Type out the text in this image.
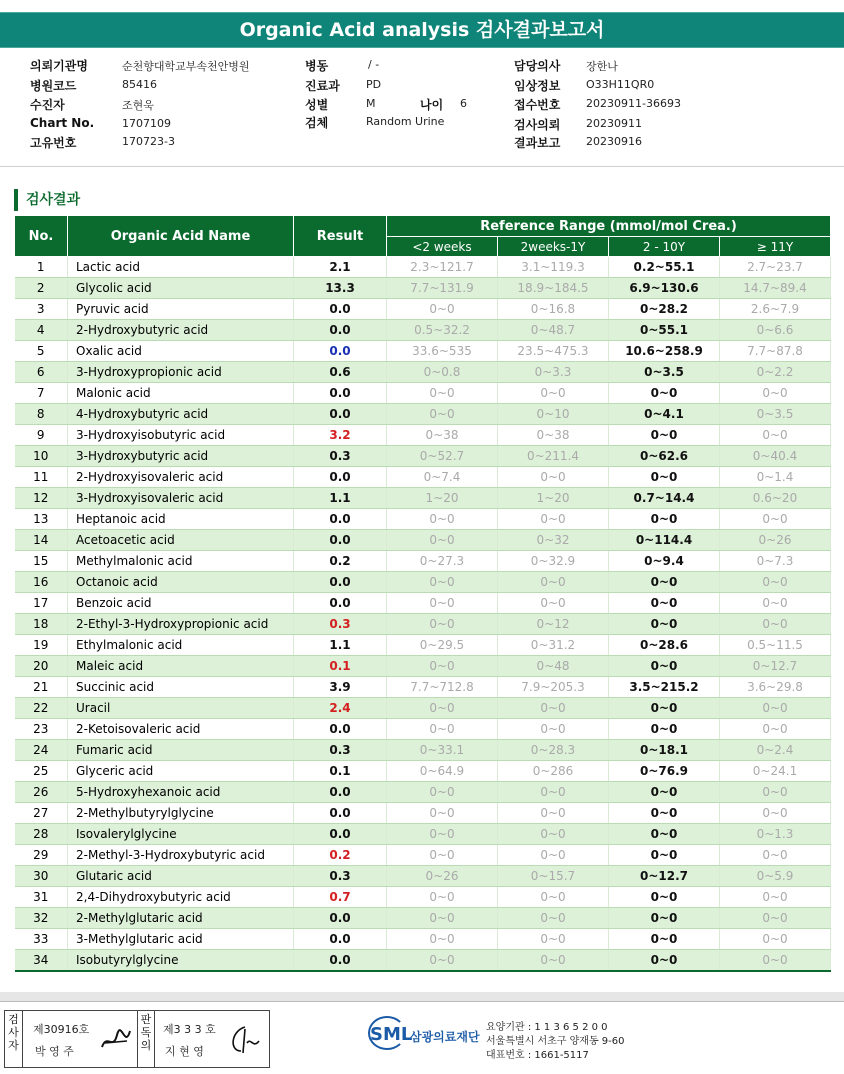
Organic Acid analysis 검사결과보고서
의뢰기관명	순천향대학교부속천안병원
병원코드	85416
수진자	조현욱
Chart No.	1707109
고유번호	170723-3
병동	/ -
진료과 PD
성별	M	나이 6
검체	Random Urine
담당의사 장한나
임상정보 O33H11QR0
접수번호 20230911-36693
검사의뢰 20230911
결과보고 20230916
검사결과
No.	Organic Acid Name	Result	Reference Range (mmol/mol Crea.)			
			<2 weeks	2weeks-1Y	2 - 10Y	≥ 11Y
1	Lactic acid	2.1	2.3~121.7	3.1~119.3	0.2~55.1	2.7~23.7
2	Glycolic acid	13.3	7.7~131.9	18.9~184.5	6.9~130.6	14.7~89.4
3	Pyruvic acid	0.0	0~0	0~16.8	0~28.2	2.6~7.9
4	2-Hydroxybutyric acid	0.0	0.5~32.2	0~48.7	0~55.1	0~6.6
5	Oxalic acid	0.0	33.6~535	23.5~475.3	10.6~258.9	7.7~87.8
6	3-Hydroxypropionic acid	0.6	0~0.8	0~3.3	0~3.5	0~2.2
7	Malonic acid	0.0	0~0	0~0	0~0	0~0
8	4-Hydroxybutyric acid	0.0	0~0	0~10	0~4.1	0~3.5
9	3-Hydroxyisobutyric acid	3.2	0~38	0~38	0~0	0~0
10	3-Hydroxybutyric acid	0.3	0~52.7	0~211.4	0~62.6	0~40.4
11	2-Hydroxyisovaleric acid	0.0	0~7.4	0~0	0~0	0~1.4
12	3-Hydroxyisovaleric acid	1.1	1~20	1~20	0.7~14.4	0.6~20
13	Heptanoic acid	0.0	0~0	0~0	0~0	0~0
14	Acetoacetic acid	0.0	0~0	0~32	0~114.4	0~26
15	Methylmalonic acid	0.2	0~27.3	0~32.9	0~9.4	0~7.3
16	Octanoic acid	0.0	0~0	0~0	0~0	0~0
17	Benzoic acid	0.0	0~0	0~0	0~0	0~0
18	2-Ethyl-3-Hydroxypropionic acid	0.3	0~0	0~12	0~0	0~0
19	Ethylmalonic acid	1.1	0~29.5	0~31.2	0~28.6	0.5~11.5
20	Maleic acid	0.1	0~0	0~48	0~0	0~12.7
21	Succinic acid	3.9	7.7~712.8	7.9~205.3	3.5~215.2	3.6~29.8
22	Uracil	2.4	0~0	0~0	0~0	0~0
23	2-Ketoisovaleric acid	0.0	0~0	0~0	0~0	0~0
24	Fumaric acid	0.3	0~33.1	0~28.3	0~18.1	0~2.4
25	Glyceric acid	0.1	0~64.9	0~286	0~76.9	0~24.1
26	5-Hydroxyhexanoic acid	0.0	0~0	0~0	0~0	0~0
27	2-Methylbutyrylglycine	0.0	0~0	0~0	0~0	0~0
28	Isovalerylglycine	0.0	0~0	0~0	0~0	0~1.3
29	2-Methyl-3-Hydroxybutyric acid	0.2	0~0	0~0	0~0	0~0
30	Glutaric acid	0.3	0~26	0~15.7	0~12.7	0~5.9
31	2,4-Dihydroxybutyric acid	0.7	0~0	0~0	0~0	0~0
32	2-Methylglutaric acid	0.0	0~0	0~0	0~0	0~0
33	3-Methylglutaric acid	0.0	0~0	0~0	0~0	0~0
34	Isobutyrylglycine	0.0	0~0	0~0	0~0	0~0
검
사
자
제30916호
박 영 주
판
독
의
제3 3 3 호
지 현 영
SML
삼광의료재단
요양기관 : 1 1 3 6 5 2 0 0
서울특별시 서초구 양재동 9-60
대표번호 : 1661-5117
